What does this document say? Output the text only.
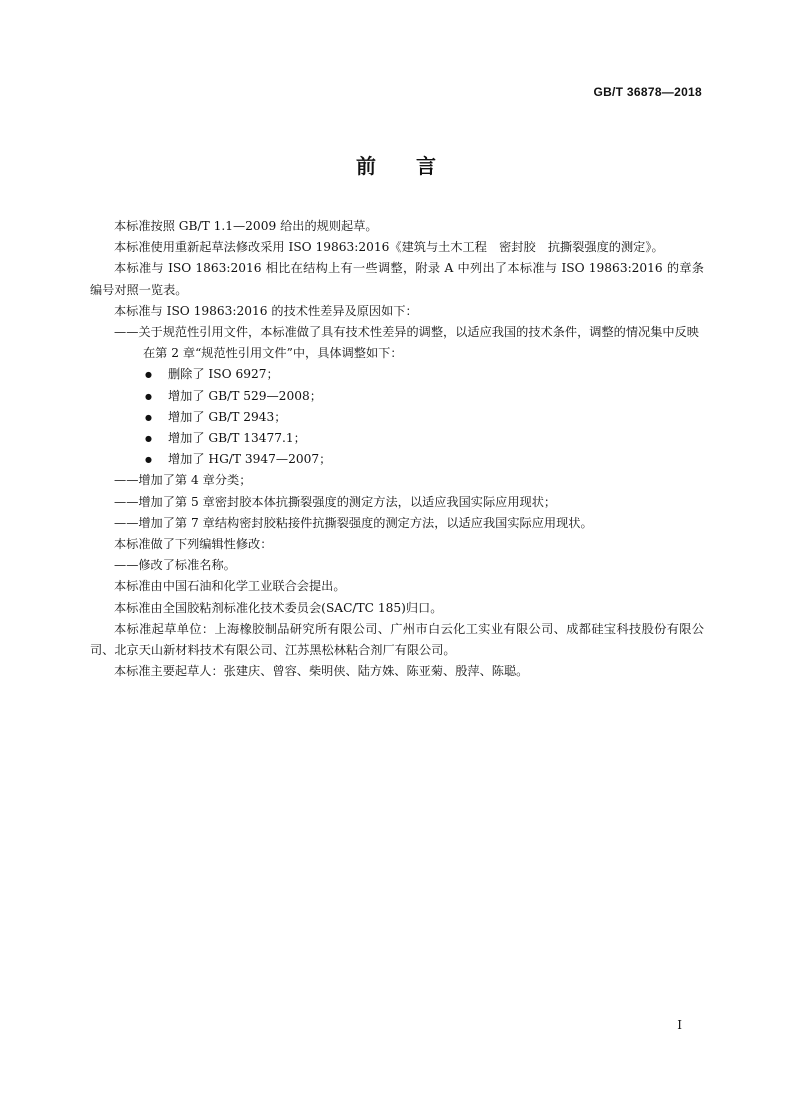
GB/T 36878—2018
前言

本标准按照 GB/T 1.1—2009 给出的规则起草。

本标准使用重新起草法修改采用 ISO 19863:2016《建筑与土木工程　密封胶　抗撕裂强度的测定》。

本标准与 ISO 1863:2016 相比在结构上有一些调整，附录 A 中列出了本标准与 ISO 19863:2016 的章条编号对照一览表。

本标准与 ISO 19863:2016 的技术性差异及原因如下：

——关于规范性引用文件，本标准做了具有技术性差异的调整，以适应我国的技术条件，调整的情况集中反映在第 2 章“规范性引用文件”中，具体调整如下：

● 删除了 ISO 6927；

● 增加了 GB/T 529—2008；

● 增加了 GB/T 2943；

● 增加了 GB/T 13477.1；

● 增加了 HG/T 3947—2007；

——增加了第 4 章分类；

——增加了第 5 章密封胶本体抗撕裂强度的测定方法，以适应我国实际应用现状；

——增加了第 7 章结构密封胶粘接件抗撕裂强度的测定方法，以适应我国实际应用现状。

本标准做了下列编辑性修改：

——修改了标准名称。

本标准由中国石油和化学工业联合会提出。

本标准由全国胶粘剂标准化技术委员会(SAC/TC 185)归口。

本标准起草单位：上海橡胶制品研究所有限公司、广州市白云化工实业有限公司、成都硅宝科技股份有限公司、北京天山新材料技术有限公司、江苏黑松林粘合剂厂有限公司。

本标准主要起草人：张建庆、曾容、柴明侠、陆方姝、陈亚菊、殷萍、陈聪。

I
